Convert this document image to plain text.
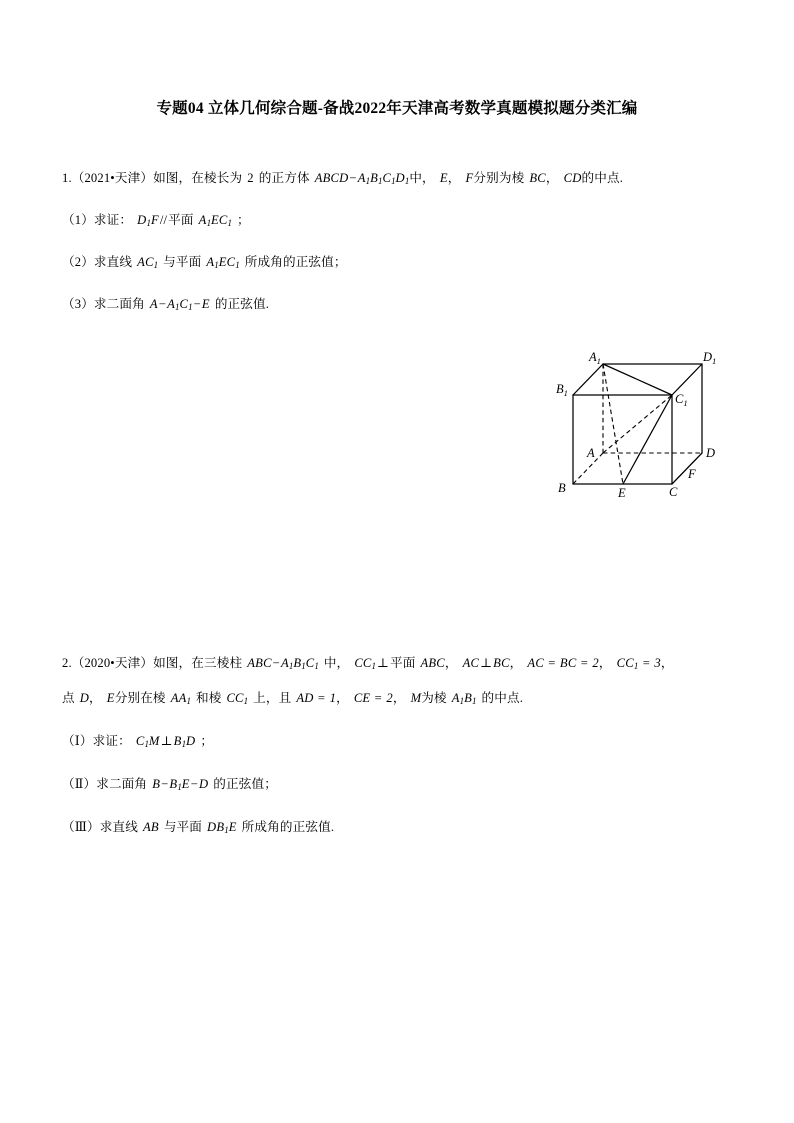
专题04 立体几何综合题-备战2022年天津高考数学真题模拟题分类汇编
1.（2021•天津）如图，在棱长为 2 的正方体 $ABCD-A_1B_1C_1D_1$中， E， F分别为棱 BC， CD的中点.
（1）求证： $D_1F//$平面 $A_1EC_1$ ；
（2）求直线 $AC_1$ 与平面 $A_1EC_1$ 所成角的正弦值；
（3）求二面角 $A-A_1C_1-E$ 的正弦值.
$A_1$
$B_1$	$C_1$
$D_1$
A
B	C
D
E
F
2.（2020•天津）如图，在三棱柱 $ABC-A_1B_1C_1$ 中， $CC_1\perp$平面 ABC， AC⊥BC， AC = BC = 2， $CC_1 = 3$，
点 D， E分别在棱 $AA_1$ 和棱 $CC_1$ 上，且 AD = 1， CE = 2， M为棱 $A_1B_1$ 的中点.
（Ⅰ）求证： $C_1M\perp B_1D$ ；
（Ⅱ）求二面角 $B-B_1E-D$ 的正弦值；
（Ⅲ）求直线 AB 与平面 $DB_1E$ 所成角的正弦值.
